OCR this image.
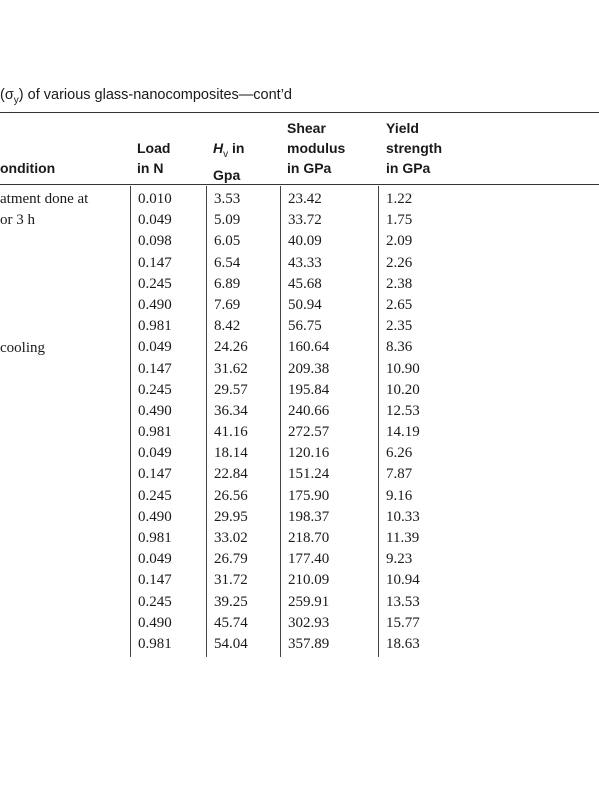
$(\sigma_y)$ of various glass-nanocomposites—cont’d
ondition
Load
in N
$H_v$ in
Gpa
Shear
modulus
in GPa
Yield
strength
in GPa
atment done at
or 3 h
cooling
0.010
0.049
0.098
0.147
0.245
0.490
0.981
0.049
0.147
0.245
0.490
0.981
0.049
0.147
0.245
0.490
0.981
0.049
0.147
0.245
0.490
0.981
3.53
5.09
6.05
6.54
6.89
7.69
8.42
24.26
31.62
29.57
36.34
41.16
18.14
22.84
26.56
29.95
33.02
26.79
31.72
39.25
45.74
54.04
23.42
33.72
40.09
43.33
45.68
50.94
56.75
160.64
209.38
195.84
240.66
272.57
120.16
151.24
175.90
198.37
218.70
177.40
210.09
259.91
302.93
357.89
1.22
1.75
2.09
2.26
2.38
2.65
2.35
8.36
10.90
10.20
12.53
14.19
6.26
7.87
9.16
10.33
11.39
9.23
10.94
13.53
15.77
18.63
